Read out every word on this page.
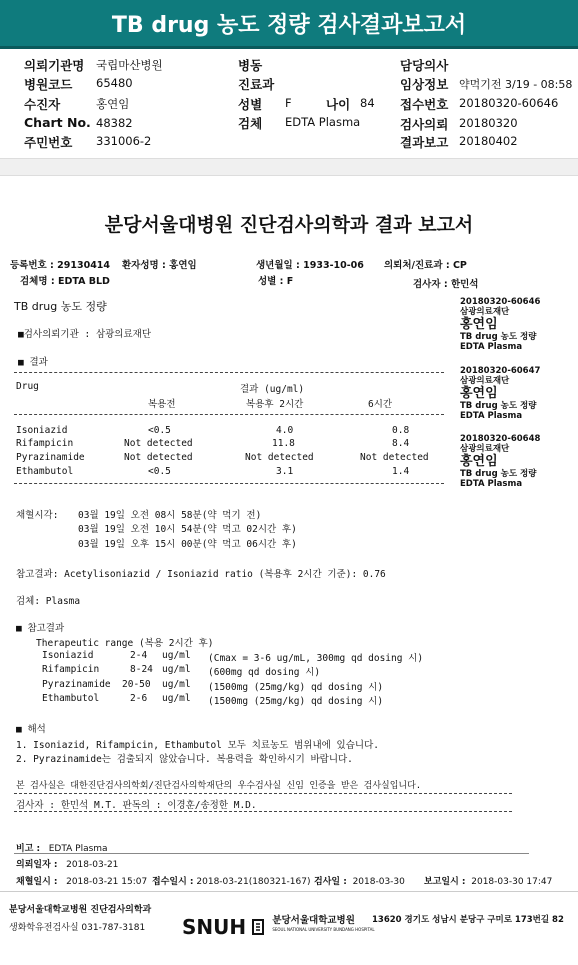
TB drug 농도 정량 검사결과보고서
의뢰기관명 국립마산병원
병원코드 65480
수진자	홍연임
Chart No. 48382
주민번호 331006-2
병동
진료과
성별 F	나이 84
검체 EDTA Plasma
담당의사
임상정보 약먹기전 3/19 - 08:58
접수번호 20180320-60646
검사의뢰 20180320
결과보고 20180402
분당서울대병원 진단검사의학과 결과 보고서
등록번호 : 29130414 환자성명 : 홍연임	생년월일 : 1933-10-06 의뢰처/진료과 : CP
검체명 : EDTA BLD	성별 : F	검사자 : 한민석
TB drug 농도 정량
■검사의뢰기관 : 삼광의료재단
■ 결과
Drug	결과 (ug/ml)
복용전	복용후 2시간	6시간
Isoniazid	<0.5	4.0	0.8
Rifampicin	Not detected	11.8	8.4
Pyrazinamide	Not detected	Not detected	Not detected
Ethambutol	<0.5	3.1	1.4
20180320-60646
삼광의료재단
홍연임
TB drug 농도 정량
EDTA Plasma
20180320-60647
삼광의료재단
홍연임
TB drug 농도 정량
EDTA Plasma
20180320-60648
삼광의료재단
홍연임
TB drug 농도 정량
EDTA Plasma
채혈시각: 03월 19일 오전 08시 58분(약 먹기 전)
03월 19일 오전 10시 54분(약 먹고 02시간 후)
03월 19일 오후 15시 00분(약 먹고 06시간 후)
참고결과: Acetylisoniazid / Isoniazid ratio (복용후 2시간 기준): 0.76
검체: Plasma
■ 참고결과
Therapeutic range (복용 2시간 후)
Isoniazid	2-4 ug/ml (Cmax = 3-6 ug/mL, 300mg qd dosing 시)
Rifampicin	8-24 ug/ml (600mg qd dosing 시)
Pyrazinamide 20-50 ug/ml (1500mg (25mg/kg) qd dosing 시)
Ethambutol	2-6 ug/ml (1500mg (25mg/kg) qd dosing 시)
■ 해석
1. Isoniazid, Rifampicin, Ethambutol 모두 치료농도 범위내에 있습니다.
2. Pyrazinamide는 검출되지 않았습니다. 복용력을 확인하시기 바랍니다.
본 검사실은 대한진단검사의학회/진단검사의학재단의 우수검사실 신임 인증을 받은 검사실입니다.
검사자 : 한민석 M.T. 판독의 : 이경훈/송정한 M.D.
비고 : EDTA Plasma
의뢰일자 : 2018-03-21
채혈일시 : 2018-03-21 15:07 접수일시 : 2018-03-21(180321-167) 검사일 : 2018-03-30 보고일시 : 2018-03-30 17:47
분당서울대학교병원 진단검사의학과
생화학유전검사실 031-787-3181 SNUH	분당서울대학교병원
SEOUL NATIONAL UNIVERSITY BUNDANG HOSPITAL
13620 경기도 성남시 분당구 구미로 173번길 82
